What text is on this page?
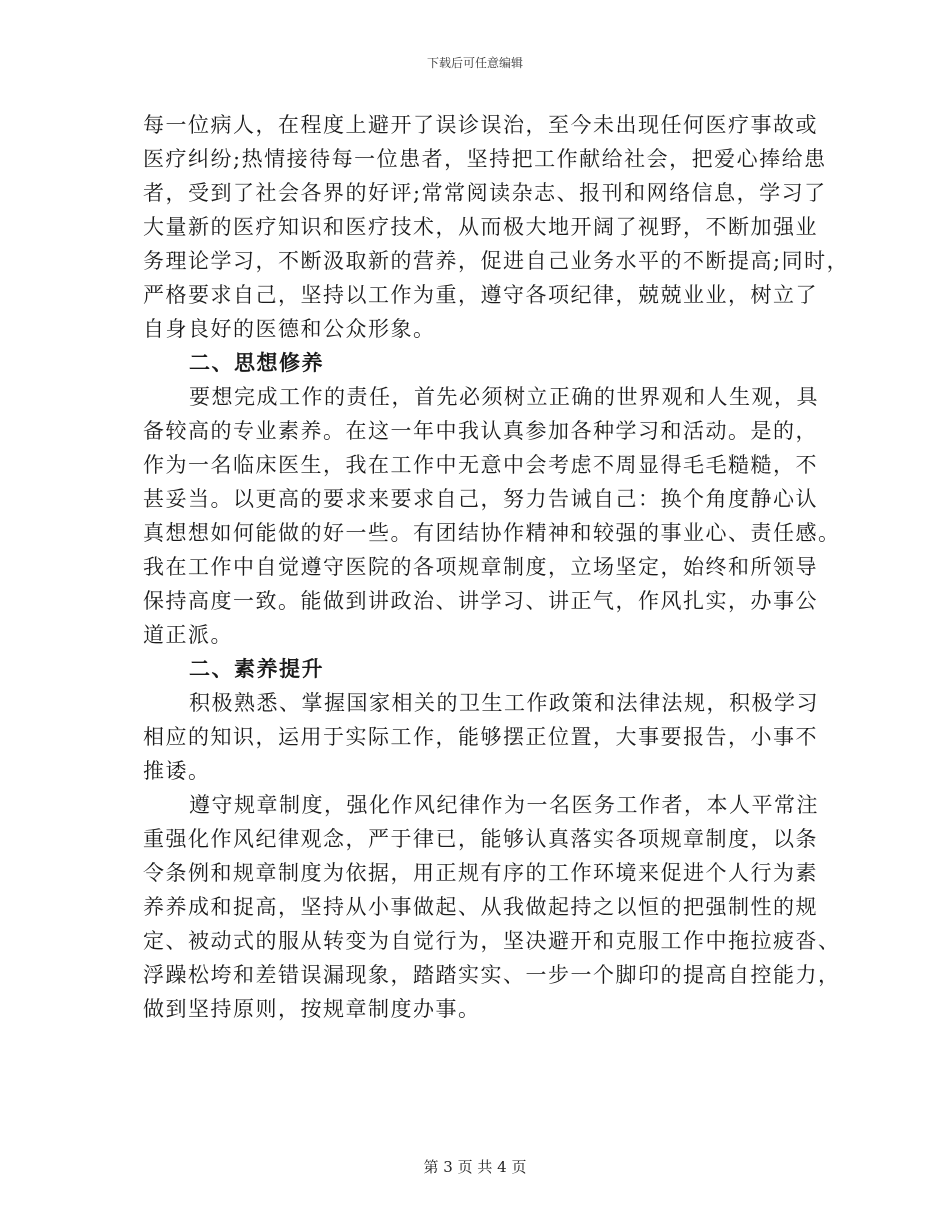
下载后可任意编辑
每一位病人，在程度上避开了误诊误治，至今未出现任何医疗事故或
医疗纠纷;热情接待每一位患者，坚持把工作献给社会，把爱心捧给患
者，受到了社会各界的好评;常常阅读杂志、报刊和网络信息，学习了
大量新的医疗知识和医疗技术，从而极大地开阔了视野，不断加强业
务理论学习，不断汲取新的营养，促进自己业务水平的不断提高;同时，
严格要求自己，坚持以工作为重，遵守各项纪律，兢兢业业，树立了
自身良好的医德和公众形象。
二、思想修养
要想完成工作的责任，首先必须树立正确的世界观和人生观，具
备较高的专业素养。在这一年中我认真参加各种学习和活动。是的，
作为一名临床医生，我在工作中无意中会考虑不周显得毛毛糙糙，不
甚妥当。以更高的要求来要求自己，努力告诫自己：换个角度静心认
真想想如何能做的好一些。有团结协作精神和较强的事业心、责任感。
我在工作中自觉遵守医院的各项规章制度，立场坚定，始终和所领导
保持高度一致。能做到讲政治、讲学习、讲正气，作风扎实，办事公
道正派。
二、素养提升
积极熟悉、掌握国家相关的卫生工作政策和法律法规，积极学习
相应的知识，运用于实际工作，能够摆正位置，大事要报告，小事不
推诿。
遵守规章制度，强化作风纪律作为一名医务工作者，本人平常注
重强化作风纪律观念，严于律已，能够认真落实各项规章制度，以条
令条例和规章制度为依据，用正规有序的工作环境来促进个人行为素
养养成和捉高，坚持从小事做起、从我做起持之以恒的把强制性的规
定、被动式的服从转变为自觉行为，坚决避开和克服工作中拖拉疲沓、
浮躁松垮和差错误漏现象，踏踏实实、一步一个脚印的提高自控能力，
做到坚持原则，按规章制度办事。
第 3 页 共 4 页
